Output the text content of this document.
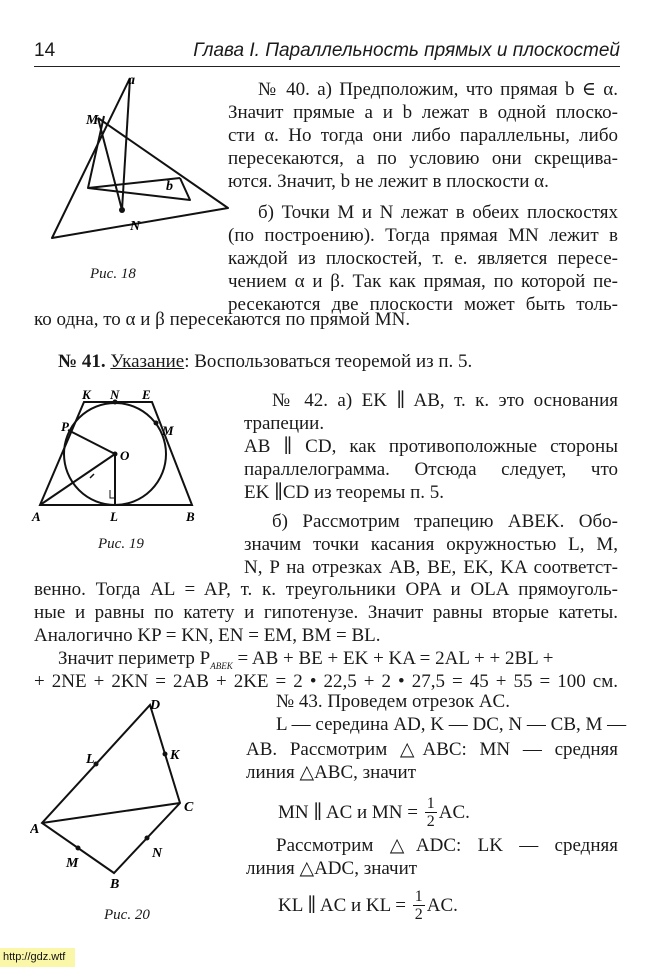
14	Глава I. Параллельность прямых и плоскостей
a
M
b
N
Рис. 18
№ 40. а) Предположим, что прямая b ∈ α.
Значит прямые a и b лежат в одной плоско-
сти α. Но тогда они либо параллельны, либо
пересекаются, а по условию они скрещива-
ются. Значит, b не лежит в плоскости α.
б) Точки M и N лежат в обеих плоскостях
(по построению). Тогда прямая MN лежит в
каждой из плоскостей, т. е. является пересе-
чением α и β. Так как прямая, по которой пе-
ресекаются две плоскости может быть толь-
ко одна, то α и β пересекаются по прямой MN.
№ 41. Указание: Воспользоваться теоремой из п. 5.
K N E
P	M
O
A	L	B
Рис. 19
№ 42. а) EK ∥ AB, т. к. это основания
трапеции.
AB ∥ CD, как противоположные стороны
параллелограмма. Отсюда следует, что
EK ∥CD из теоремы п. 5.
б) Рассмотрим трапецию ABEK. Обо-
значим точки касания окружностью L, M,
N, P на отрезках AB, BE, EK, KA соответст-
венно. Тогда AL = AP, т. к. треугольники OPA и OLA прямоуголь-
ные и равны по катету и гипотенузе. Значит равны вторые катеты.
Аналогично KP = KN, EN = EM, BM = BL.
Значит периметр $P_{ABEK}$ = AB + BE + EK + KA = 2AL + + 2BL +
+ 2NE + 2KN = 2AB + 2KE = 2 • 22,5 + 2 • 27,5 = 45 + 55 = 100 см.
D
L	K
C
A
M
N
B
Рис. 20
№ 43. Проведем отрезок AC.
L — середина AD, K — DC, N — CB, M —
AB. Рассмотрим △ABC: MN — средняя
линия △ABC, значит
MN ∥ AC и MN = $\frac{1}{2}$ AC.
Рассмотрим △ADC: LK — средняя
линия △ADC, значит
KL ∥ AC и KL = $\frac{1}{2}$ AC.
http://gdz.wtf
